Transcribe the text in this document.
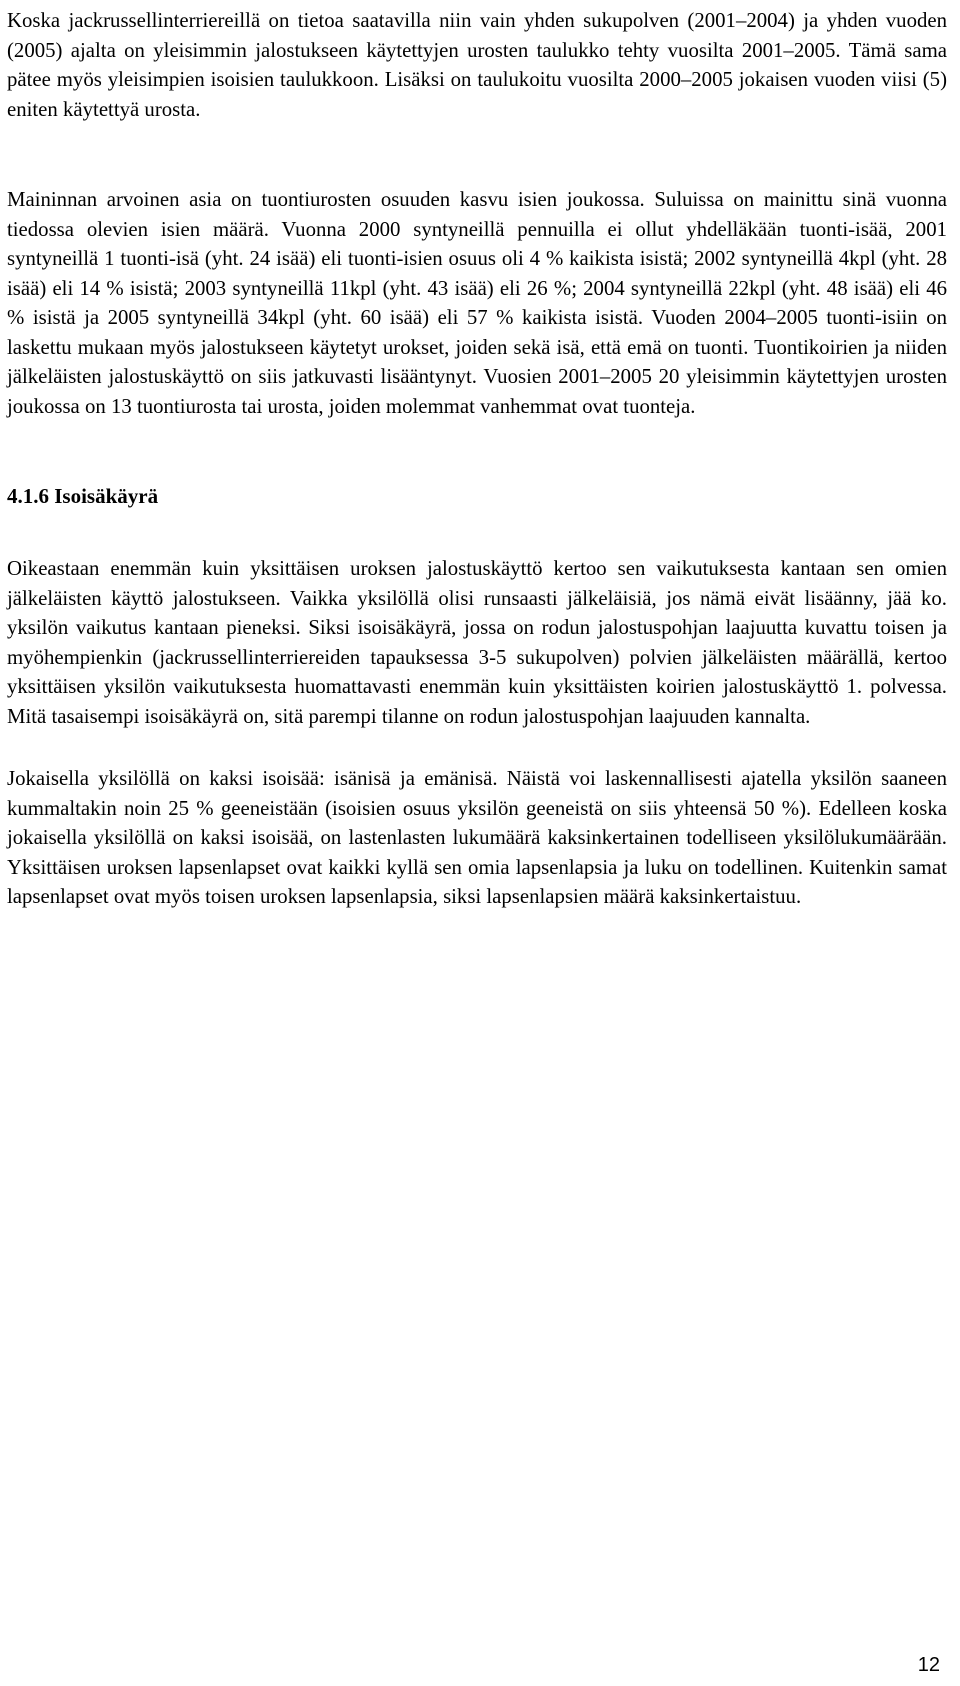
Koska jackrussellinterriereillä on tietoa saatavilla niin vain yhden sukupolven (2001–2004) ja yhden vuoden (2005) ajalta on yleisimmin jalostukseen käytettyjen urosten taulukko tehty vuosilta 2001–2005. Tämä sama pätee myös yleisimpien isoisien taulukkoon. Lisäksi on taulukoitu vuosilta 2000–2005 jokaisen vuoden viisi (5) eniten käytettyä urosta.

Maininnan arvoinen asia on tuontiurosten osuuden kasvu isien joukossa. Suluissa on mainittu sinä vuonna tiedossa olevien isien määrä. Vuonna 2000 syntyneillä pennuilla ei ollut yhdelläkään tuonti-isää, 2001 syntyneillä 1 tuonti-isä (yht. 24 isää) eli tuonti-isien osuus oli 4 % kaikista isistä; 2002 syntyneillä 4kpl (yht. 28 isää) eli 14 % isistä; 2003 syntyneillä 11kpl (yht. 43 isää) eli 26 %; 2004 syntyneillä 22kpl (yht. 48 isää) eli 46 % isistä ja 2005 syntyneillä 34kpl (yht. 60 isää) eli 57 % kaikista isistä. Vuoden 2004–2005 tuonti-isiin on laskettu mukaan myös jalostukseen käytetyt urokset, joiden sekä isä, että emä on tuonti. Tuontikoirien ja niiden jälkeläisten jalostuskäyttö on siis jatkuvasti lisääntynyt. Vuosien 2001–2005 20 yleisimmin käytettyjen urosten joukossa on 13 tuontiurosta tai urosta, joiden molemmat vanhemmat ovat tuonteja.

4.1.6 Isoisäkäyrä

Oikeastaan enemmän kuin yksittäisen uroksen jalostuskäyttö kertoo sen vaikutuksesta kantaan sen omien jälkeläisten käyttö jalostukseen. Vaikka yksilöllä olisi runsaasti jälkeläisiä, jos nämä eivät lisäänny, jää ko. yksilön vaikutus kantaan pieneksi. Siksi isoisäkäyrä, jossa on rodun jalostuspohjan laajuutta kuvattu toisen ja myöhempienkin (jackrussellinterriereiden tapauksessa 3-5 sukupolven) polvien jälkeläisten määrällä, kertoo yksittäisen yksilön vaikutuksesta huomattavasti enemmän kuin yksittäisten koirien jalostuskäyttö 1. polvessa. Mitä tasaisempi isoisäkäyrä on, sitä parempi tilanne on rodun jalostuspohjan laajuuden kannalta.

Jokaisella yksilöllä on kaksi isoisää: isänisä ja emänisä. Näistä voi laskennallisesti ajatella yksilön saaneen kummaltakin noin 25 % geeneistään (isoisien osuus yksilön geeneistä on siis yhteensä 50 %). Edelleen koska jokaisella yksilöllä on kaksi isoisää, on lastenlasten lukumäärä kaksinkertainen todelliseen yksilölukumäärään. Yksittäisen uroksen lapsenlapset ovat kaikki kyllä sen omia lapsenlapsia ja luku on todellinen. Kuitenkin samat lapsenlapset ovat myös toisen uroksen lapsenlapsia, siksi lapsenlapsien määrä kaksinkertaistuu.

12
